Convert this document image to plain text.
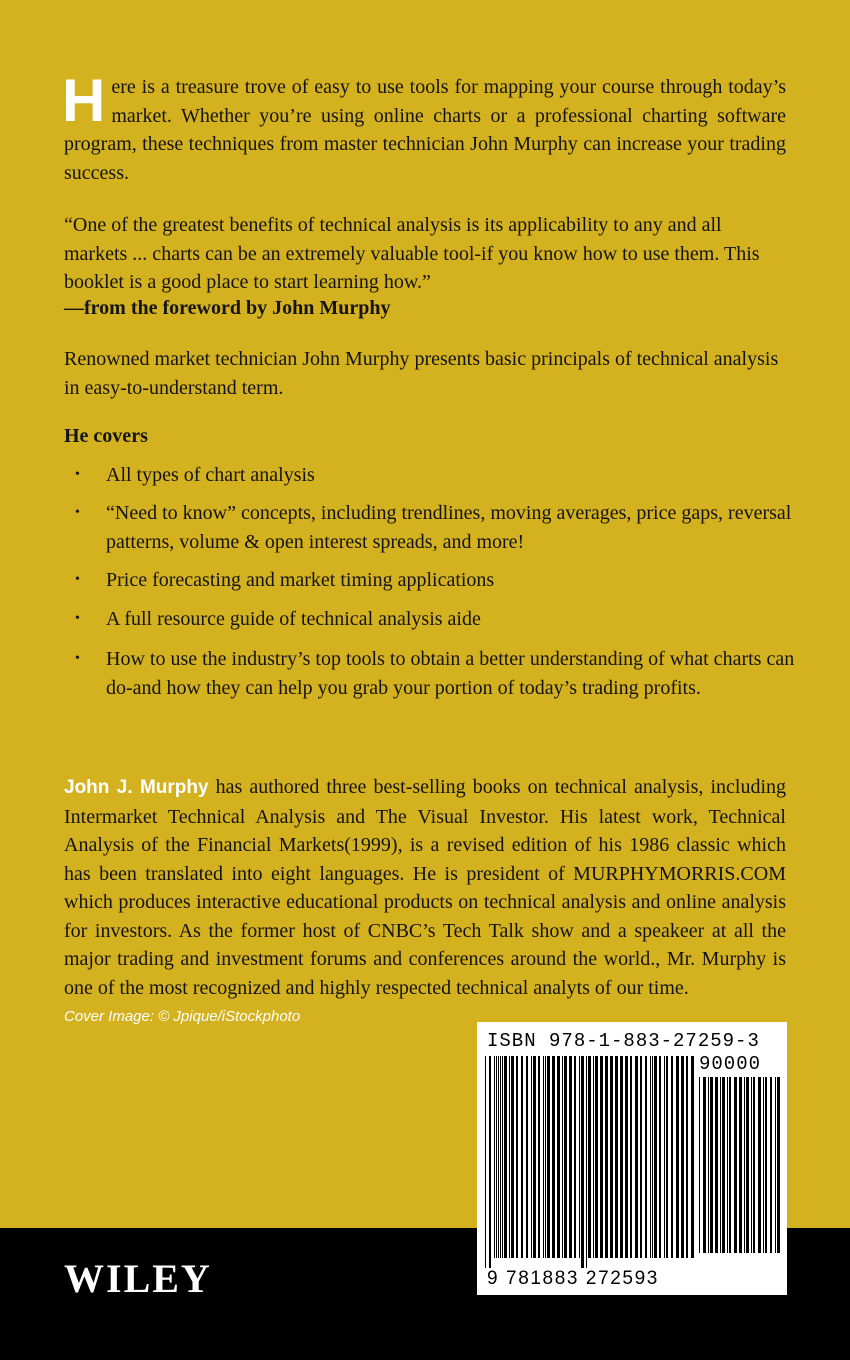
Here is a treasure trove of easy to use tools for mapping your course through today’s market. Whether you’re using online charts or a professional charting software program, these techniques from master technician John Murphy can increase your trading success.
“One of the greatest benefits of technical analysis is its applicability to any and all markets ... charts can be an extremely valuable tool-if you know how to use them. This booklet is a good place to start learning how.”
—from the foreword by John Murphy
Renowned market technician John Murphy presents basic principals of technical analysis in easy-to-understand term.
He covers
• All types of chart analysis
• “Need to know” concepts, including trendlines, moving averages, price gaps, reversal patterns, volume & open interest spreads, and more!
• Price forecasting and market timing applications
• A full resource guide of technical analysis aide
• How to use the industry’s top tools to obtain a better understanding of what charts can do-and how they can help you grab your portion of today’s trading profits.
John J. Murphy has authored three best-selling books on technical analysis, including Intermarket Technical Analysis and The Visual Investor. His latest work, Technical Analysis of the Financial Markets(1999), is a revised edition of his 1986 classic which has been translated into eight languages. He is president of MURPHYMORRIS.COM which produces interactive educational products on technical analysis and online analysis for investors. As the former host of CNBC’s Tech Talk show and a speakeer at all the major trading and investment forums and conferences around the world., Mr. Murphy is one of the most recognized and highly respected technical analyts of our time.
Cover Image: © Jpique/iStockphoto
WILEY
ISBN 978-1-883-27259-3
90000
9 781883 272593
